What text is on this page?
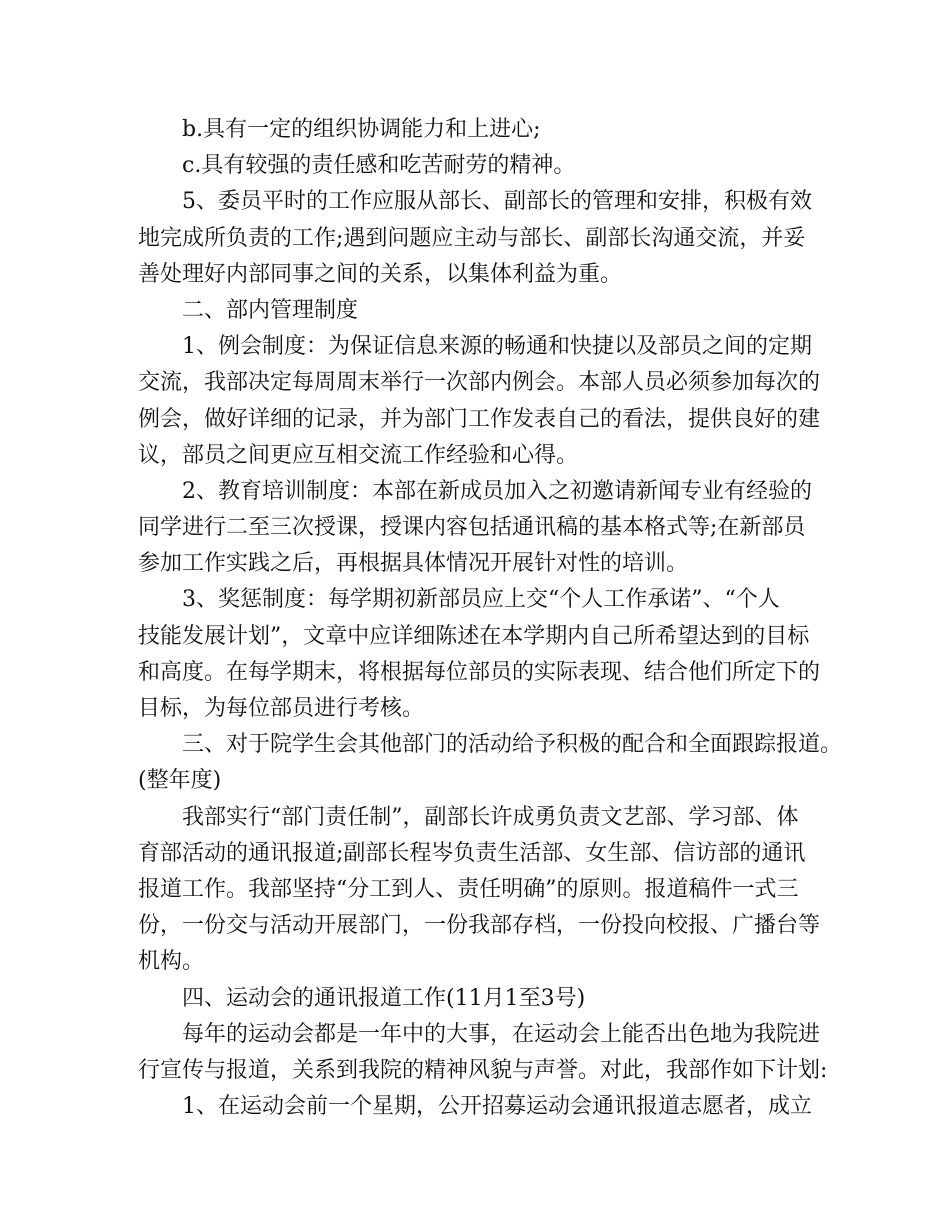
b.具有一定的组织协调能力和上进心;
c.具有较强的责任感和吃苦耐劳的精神。
5、委员平时的工作应服从部长、副部长的管理和安排，积极有效
地完成所负责的工作;遇到问题应主动与部长、副部长沟通交流，并妥
善处理好内部同事之间的关系，以集体利益为重。
二、部内管理制度
1、例会制度：为保证信息来源的畅通和快捷以及部员之间的定期
交流，我部决定每周周末举行一次部内例会。本部人员必须参加每次的
例会，做好详细的记录，并为部门工作发表自己的看法，提供良好的建
议，部员之间更应互相交流工作经验和心得。
2、教育培训制度：本部在新成员加入之初邀请新闻专业有经验的
同学进行二至三次授课，授课内容包括通讯稿的基本格式等;在新部员
参加工作实践之后，再根据具体情况开展针对性的培训。
3、奖惩制度：每学期初新部员应上交“个人工作承诺”、“个人
技能发展计划”，文章中应详细陈述在本学期内自己所希望达到的目标
和高度。在每学期末，将根据每位部员的实际表现、结合他们所定下的
目标，为每位部员进行考核。
三、对于院学生会其他部门的活动给予积极的配合和全面跟踪报道。
(整年度)
我部实行“部门责任制”，副部长许成勇负责文艺部、学习部、体
育部活动的通讯报道;副部长程岑负责生活部、女生部、信访部的通讯
报道工作。我部坚持“分工到人、责任明确”的原则。报道稿件一式三
份，一份交与活动开展部门，一份我部存档，一份投向校报、广播台等
机构。
四、运动会的通讯报道工作(11月1至3号)
每年的运动会都是一年中的大事，在运动会上能否出色地为我院进
行宣传与报道，关系到我院的精神风貌与声誉。对此，我部作如下计划:
1、在运动会前一个星期，公开招募运动会通讯报道志愿者，成立
